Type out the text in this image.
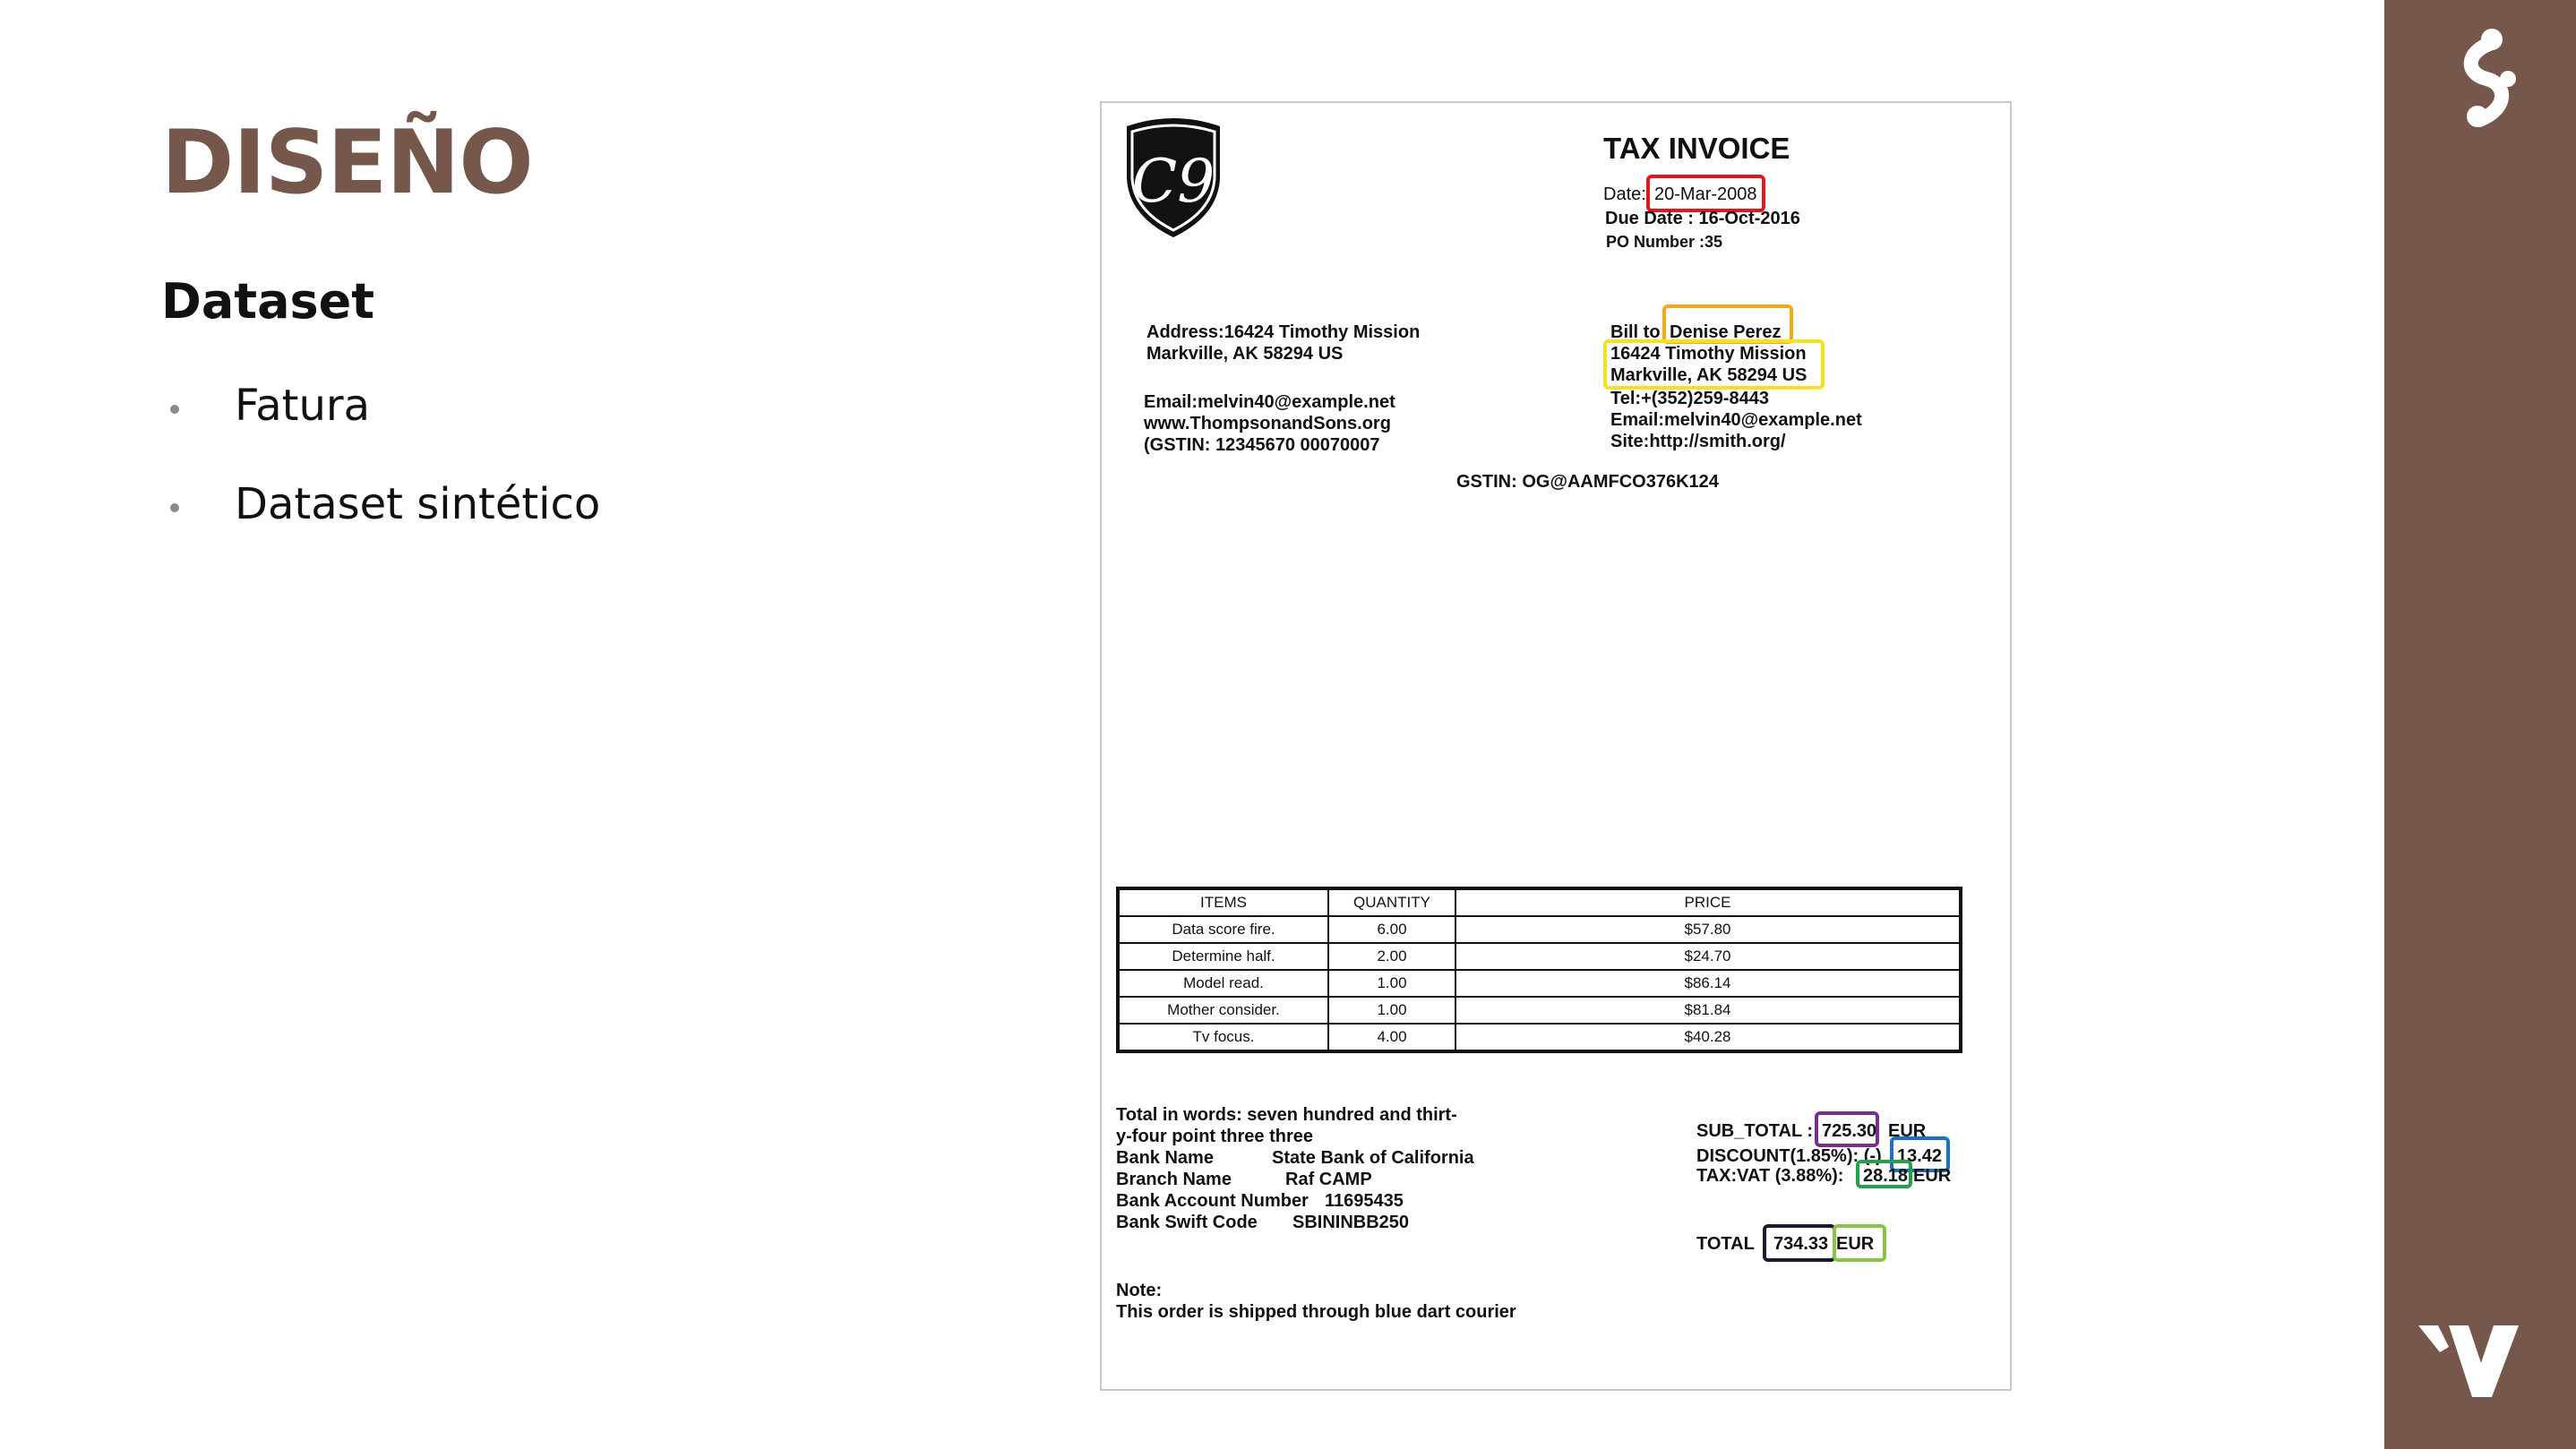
DISEÑO
Dataset
Fatura
Dataset sintético
C9	TAX INVOICE
Date: 20-Mar-2008
Due Date : 16-Oct-2016
PO Number :35
Address:16424 Timothy Mission
Markville, AK 58294 US
Email:melvin40@example.net
www.ThompsonandSons.org
(GSTIN: 12345670 00070007
Bill to Denise Perez
16424 Timothy Mission
Markville, AK 58294 US
Tel:+(352)259-8443
Email:melvin40@example.net
Site:http://smith.org/
GSTIN: OG@AAMFCO376K124
ITEMS	QUANTITY	PRICE
Data score fire.	6.00	$57.80
Determine half.	2.00	$24.70
Model read.	1.00	$86.14
Mother consider.	1.00	$81.84
Tv focus.	4.00	$40.28
Total in words: seven hundred and thirt-
y-four point three three
Bank Name	State Bank of California
Branch Name	Raf CAMP
Bank Account Number 11695435
Bank Swift Code SBININBB250
SUB_TOTAL : 725.30 EUR
DISCOUNT(1.85%): (-) 13.42
TAX:VAT (3.88%): 28.18 EUR
TOTAL 734.33 EUR
Note:
This order is shipped through blue dart courier
